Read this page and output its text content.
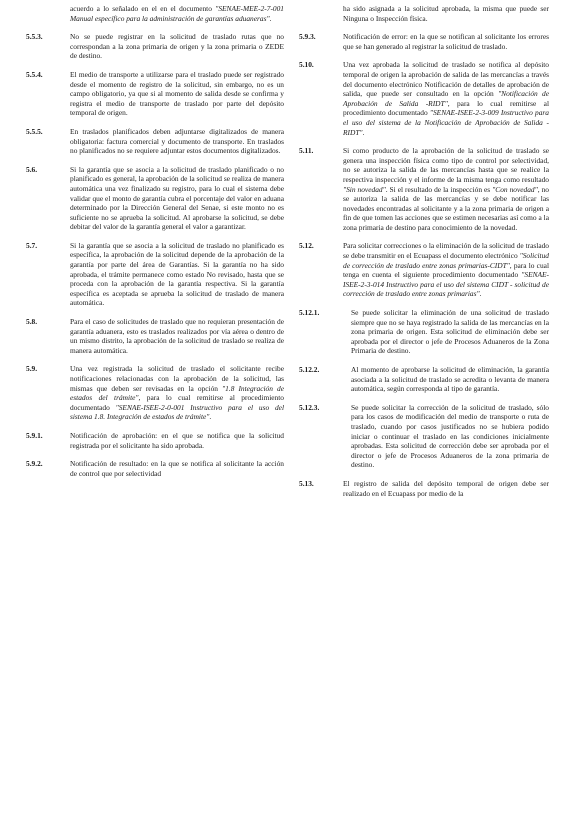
acuerdo a lo señalado en el en el documento "SENAE-MEE-2-7-001 Manual específico para la administración de garantías aduaneras".
5.5.3.	No se puede registrar en la solicitud de traslado rutas que no correspondan a la zona primaria de origen y la zona primaria o ZEDE de destino.
5.5.4.	El medio de transporte a utilizarse para el traslado puede ser registrado desde el momento de registro de la solicitud, sin embargo, no es un campo obligatorio, ya que si al momento de salida desde se confirma y registra el medio de transporte de traslado por parte del depósito temporal de origen.
5.5.5.	En traslados planificados deben adjuntarse digitalizados de manera obligatoria: factura comercial y documento de transporte. En traslados no planificados no se requiere adjuntar estos documentos digitalizados.
5.6.	Si la garantía que se asocia a la solicitud de traslado planificado o no planificado es general, la aprobación de la solicitud se realiza de manera automática una vez finalizado su registro, para lo cual el sistema debe validar que el monto de garantía cubra el porcentaje del valor en aduana determinado por la Dirección General del Senae, si este monto no es suficiente no se aprueba la solicitud. Al aprobarse la solicitud, se debe debitar del valor de la garantía general el valor a garantizar.
5.7.	Si la garantía que se asocia a la solicitud de traslado no planificado es específica, la aprobación de la solicitud depende de la aprobación de la garantía por parte del área de Garantías. Si la garantía no ha sido aprobada, el trámite permanece como estado No revisado, hasta que se proceda con la aprobación de la garantía respectiva. Si la garantía específica es aceptada se aprueba la solicitud de traslado de manera automática.
5.8.	Para el caso de solicitudes de traslado que no requieran presentación de garantía aduanera, esto es traslados realizados por vía aérea o dentro de un mismo distrito, la aprobación de la solicitud de traslado se realiza de manera automática.
5.9.	Una vez registrada la solicitud de traslado el solicitante recibe notificaciones relacionadas con la aprobación de la solicitud, las mismas que deben ser revisadas en la opción "1.8 Integración de estados del trámite", para lo cual remitirse al procedimiento documentado "SENAE-ISEE-2-0-001 Instructivo para el uso del sistema 1.8. Integración de estados de trámite".
5.9.1.	Notificación de aprobación: en el que se notifica que la solicitud registrada por el solicitante ha sido aprobada.
5.9.2.	Notificación de resultado: en la que se notifica al solicitante la acción de control que por selectividad
ha sido asignada a la solicitud aprobada, la misma que puede ser Ninguna o Inspección física.
5.9.3.	Notificación de error: en la que se notifican al solicitante los errores que se han generado al registrar la solicitud de traslado.
5.10.	Una vez aprobada la solicitud de traslado se notifica al depósito temporal de origen la aprobación de salida de las mercancías a través del documento electrónico Notificación de detalles de aprobación de salida, que puede ser consultado en la opción "Notificación de Aprobación de Salida -RIDT", para lo cual remitirse al procedimiento documentado "SENAE-ISEE-2-3-009 Instructivo para el uso del sistema de la Notificación de Aprobación de Salida -RIDT".
5.11.	Si como producto de la aprobación de la solicitud de traslado se genera una inspección física como tipo de control por selectividad, no se autoriza la salida de las mercancías hasta que se realice la respectiva inspección y el informe de la misma tenga como resultado "Sin novedad". Si el resultado de la inspección es "Con novedad", no se autoriza la salida de las mercancías y se debe notificar las novedades encontradas al solicitante y a la zona primaria de origen a fin de que tomen las acciones que se estimen necesarias así como a la zona primaria de destino para conocimiento de la novedad.
5.12.	Para solicitar correcciones o la eliminación de la solicitud de traslado se debe transmitir en el Ecuapass el documento electrónico "Solicitud de corrección de traslado entre zonas primarias-CIDT", para lo cual tenga en cuenta el siguiente procedimiento documentado "SENAE-ISEE-2-3-014 Instructivo para el uso del sistema CIDT - solicitud de corrección de traslado entre zonas primarias".
5.12.1.	Se puede solicitar la eliminación de una solicitud de traslado siempre que no se haya registrado la salida de las mercancías en la zona primaria de origen. Esta solicitud de eliminación debe ser aprobada por el director o jefe de Procesos Aduaneros de la Zona Primaria de destino.
5.12.2.	Al momento de aprobarse la solicitud de eliminación, la garantía asociada a la solicitud de traslado se acredita o levanta de manera automática, según corresponda al tipo de garantía.
5.12.3.	Se puede solicitar la corrección de la solicitud de traslado, sólo para los casos de modificación del medio de transporte o ruta de traslado, cuando por casos justificados no se hubiera podido iniciar o continuar el traslado en las condiciones inicialmente aprobadas. Esta solicitud de corrección debe ser aprobada por el director o jefe de Procesos Aduaneros de la zona primaria de destino.
5.13.	El registro de salida del depósito temporal de origen debe ser realizado en el Ecuapass por medio de la
